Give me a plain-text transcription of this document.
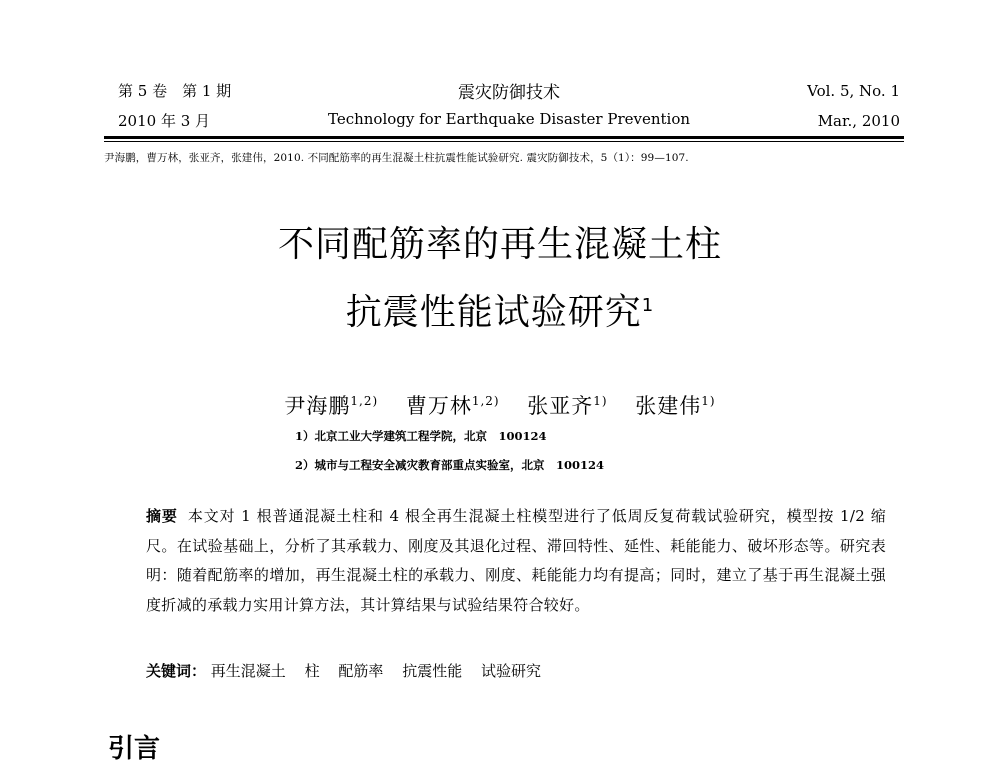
第 5 卷　第 1 期	震灾防御技术	Vol. 5, No. 1
2010 年 3 月	Technology for Earthquake Disaster Prevention	Mar., 2010
尹海鹏，曹万林，张亚齐，张建伟，2010. 不同配筋率的再生混凝土柱抗震性能试验研究. 震灾防御技术，5（1）：99—107.
不同配筋率的再生混凝土柱
抗震性能试验研究$^1$
尹海鹏$^{1,2)}$ 曹万林$^{1,2)}$ 张亚齐$^{1)}$ 张建伟$^{1)}$
1）北京工业大学建筑工程学院，北京　100124
2）城市与工程安全减灾教育部重点实验室，北京　100124
摘要 本文对 1 根普通混凝土柱和 4 根全再生混凝土柱模型进行了低周反复荷载试验研究，模型按 1/2 缩尺。在试验基础上，分析了其承载力、刚度及其退化过程、滞回特性、延性、耗能能力、破坏形态等。研究表明：随着配筋率的增加，再生混凝土柱的承载力、刚度、耗能能力均有提高；同时，建立了基于再生混凝土强度折减的承载力实用计算方法，其计算结果与试验结果符合较好。
关键词： 再生混凝土 柱 配筋率 抗震性能 试验研究
引言
